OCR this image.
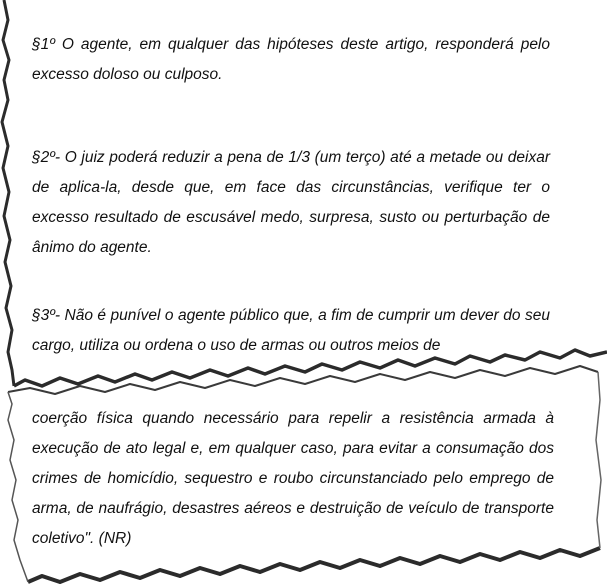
§1º O agente, em qualquer das hipóteses deste artigo, responderá pelo excesso doloso ou culposo.

§2º- O juiz poderá reduzir a pena de 1/3 (um terço) até a metade ou deixar de aplica-la, desde que, em face das circunstâncias, verifique ter o excesso resultado de escusável medo, surpresa, susto ou perturbação de ânimo do agente.

§3º- Não é punível o agente público que, a fim de cumprir um dever do seu cargo, utiliza ou ordena o uso de armas ou outros meios de

coerção física quando necessário para repelir a resistência armada à execução de ato legal e, em qualquer caso, para evitar a consumação dos crimes de homicídio, sequestro e roubo circunstanciado pelo emprego de arma, de naufrágio, desastres aéreos e destruição de veículo de transporte coletivo". (NR)
